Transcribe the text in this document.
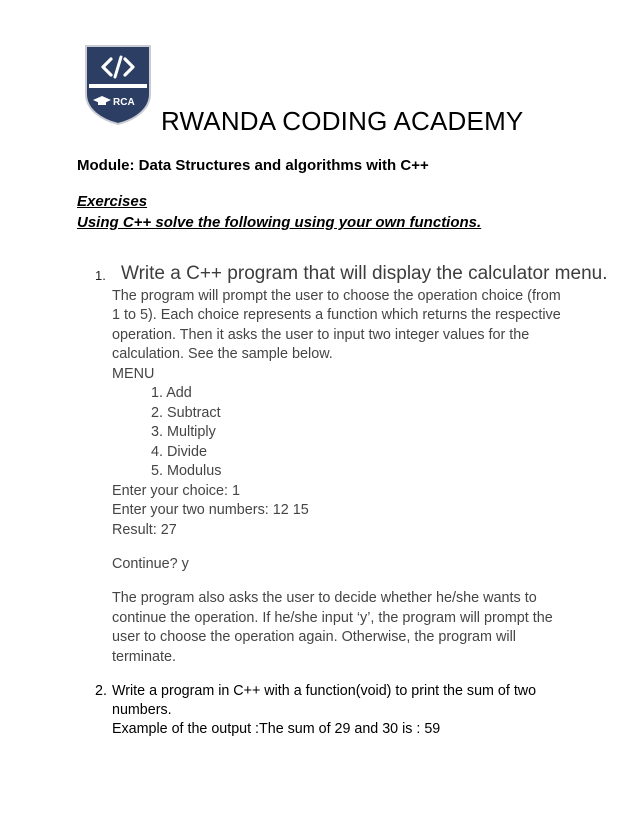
RCA
RWANDA CODING ACADEMY
Module: Data Structures and algorithms with C++
Exercises
Using C++ solve the following using your own functions.
1. Write a C++ program that will display the calculator menu.
The program will prompt the user to choose the operation choice (from
1 to 5). Each choice represents a function which returns the respective
operation. Then it asks the user to input two integer values for the
calculation. See the sample below.
MENU
1. Add
2. Subtract
3. Multiply
4. Divide
5. Modulus
Enter your choice: 1
Enter your two numbers: 12 15
Result: 27
Continue? y
The program also asks the user to decide whether he/she wants to
continue the operation. If he/she input ‘y’, the program will prompt the
user to choose the operation again. Otherwise, the program will
terminate.
2. Write a program in C++ with a function(void) to print the sum of two
numbers.
Example of the output :The sum of 29 and 30 is : 59
